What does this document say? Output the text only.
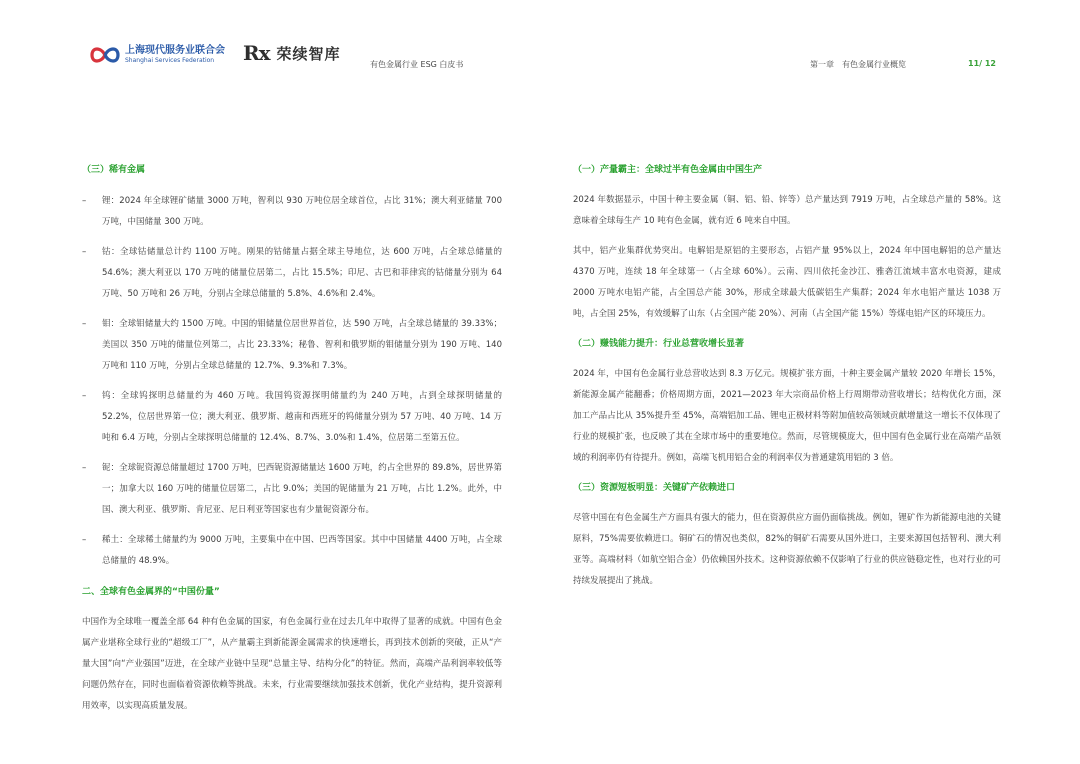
上海现代服务业联合会
Shanghai Services Federation	Rx 荣续智库
有色金属行业 ESG 白皮书	第一章　有色金属行业概览	11/ 12

（三）稀有金属

– 锂：2024 年全球锂矿储量 3000 万吨，智利以 930 万吨位居全球首位，占比 31%；澳大利亚储量 700 万吨，中国储量 300 万吨。
– 钴：全球钴储量总计约 1100 万吨。刚果的钴储量占据全球主导地位，达 600 万吨，占全球总储量的 54.6%；澳大利亚以 170 万吨的储量位居第二，占比 15.5%；印尼、古巴和菲律宾的钴储量分别为 64 万吨、50 万吨和 26 万吨，分别占全球总储量的 5.8%、4.6%和 2.4%。
– 钼：全球钼储量大约 1500 万吨。中国的钼储量位居世界首位，达 590 万吨，占全球总储量的 39.33%；美国以 350 万吨的储量位列第二，占比 23.33%；秘鲁、智利和俄罗斯的钼储量分别为 190 万吨、140 万吨和 110 万吨，分别占全球总储量的 12.7%、9.3%和 7.3%。
– 钨：全球钨探明总储量约为 460 万吨。我国钨资源探明储量约为 240 万吨，占到全球探明储量的 52.2%，位居世界第一位；澳大利亚、俄罗斯、越南和西班牙的钨储量分别为 57 万吨、40 万吨、14 万吨和 6.4 万吨，分别占全球探明总储量的 12.4%、8.7%、3.0%和 1.4%，位居第二至第五位。
– 铌：全球铌资源总储量超过 1700 万吨，巴西铌资源储量达 1600 万吨，约占全世界的 89.8%，居世界第一；加拿大以 160 万吨的储量位居第二，占比 9.0%；美国的铌储量为 21 万吨，占比 1.2%。此外，中国、澳大利亚、俄罗斯、肯尼亚、尼日利亚等国家也有少量铌资源分布。
– 稀土：全球稀土储量约为 9000 万吨，主要集中在中国、巴西等国家。其中中国储量 4400 万吨，占全球总储量的 48.9%。

二、全球有色金属界的“中国份量”

中国作为全球唯一覆盖全部 64 种有色金属的国家，有色金属行业在过去几年中取得了显著的成就。中国有色金属产业堪称全球行业的“超级工厂”，从产量霸主到新能源金属需求的快速增长，再到技术创新的突破，正从“产量大国”向“产业强国”迈进，在全球产业链中呈现“总量主导、结构分化”的特征。然而，高端产品利润率较低等问题仍然存在，同时也面临着资源依赖等挑战。未来，行业需要继续加强技术创新，优化产业结构，提升资源利用效率，以实现高质量发展。

（一）产量霸主：全球过半有色金属由中国生产

2024 年数据显示，中国十种主要金属（铜、铝、铅、锌等）总产量达到 7919 万吨，占全球总产量的 58%。这意味着全球每生产 10 吨有色金属，就有近 6 吨来自中国。

其中，铝产业集群优势突出。电解铝是原铝的主要形态，占铝产量 95%以上，2024 年中国电解铝的总产量达 4370 万吨，连续 18 年全球第一（占全球 60%）。云南、四川依托金沙江、雅砻江流域丰富水电资源，建成 2000 万吨水电铝产能，占全国总产能 30%，形成全球最大低碳铝生产集群；2024 年水电铝产量达 1038 万吨，占全国 25%，有效缓解了山东（占全国产能 20%）、河南（占全国产能 15%）等煤电铝产区的环境压力。

（二）赚钱能力提升：行业总营收增长显著

2024 年，中国有色金属行业总营收达到 8.3 万亿元。规模扩张方面，十种主要金属产量较 2020 年增长 15%，新能源金属产能翻番；价格周期方面，2021—2023 年大宗商品价格上行周期带动营收增长；结构优化方面，深加工产品占比从 35%提升至 45%，高端铝加工品、锂电正极材料等附加值较高领域贡献增量这一增长不仅体现了行业的规模扩张，也反映了其在全球市场中的重要地位。然而，尽管规模庞大，但中国有色金属行业在高端产品领域的利润率仍有待提升。例如，高端飞机用铝合金的利润率仅为普通建筑用铝的 3 倍。

（三）资源短板明显：关键矿产依赖进口

尽管中国在有色金属生产方面具有强大的能力，但在资源供应方面仍面临挑战。例如，锂矿作为新能源电池的关键原料，75%需要依赖进口。铜矿石的情况也类似，82%的铜矿石需要从国外进口，主要来源国包括智利、澳大利亚等。高端材料（如航空铝合金）仍依赖国外技术。这种资源依赖不仅影响了行业的供应链稳定性，也对行业的可持续发展提出了挑战。
